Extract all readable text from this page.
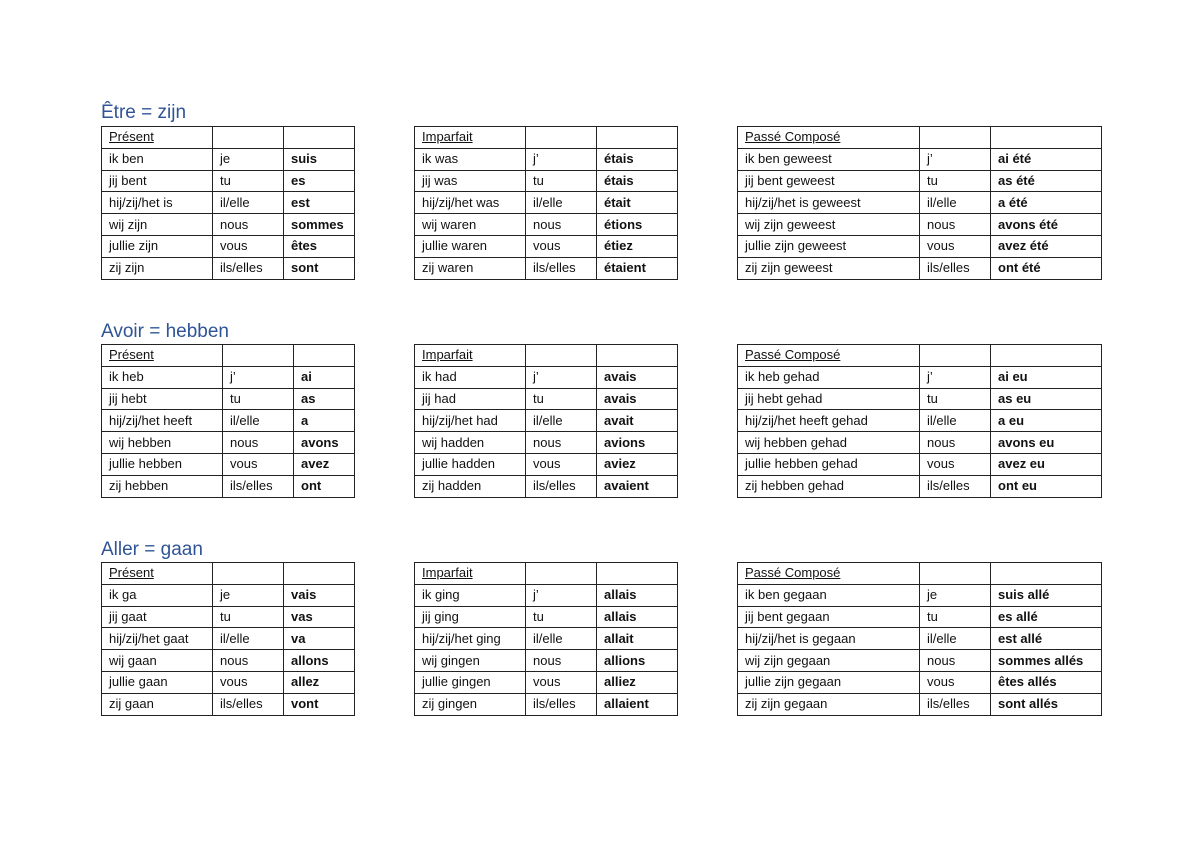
Être = zijn
Présent		
ik ben	je	suis
jij bent	tu	es
hij/zij/het is	il/elle	est
wij zijn	nous	sommes
jullie zijn	vous	êtes
zij zijn	ils/elles	sont
Imparfait		
ik was	j’	étais
jij was	tu	étais
hij/zij/het was	il/elle	était
wij waren	nous	étions
jullie waren	vous	étiez
zij waren	ils/elles	étaient
Passé Composé		
ik ben geweest	j’	ai été
jij bent geweest	tu	as été
hij/zij/het is geweest	il/elle	a été
wij zijn geweest	nous	avons été
jullie zijn geweest	vous	avez été
zij zijn geweest	ils/elles	ont été
Avoir = hebben
Présent		
ik heb	j’	ai
jij hebt	tu	as
hij/zij/het heeft	il/elle	a
wij hebben	nous	avons
jullie hebben	vous	avez
zij hebben	ils/elles	ont
Imparfait		
ik had	j’	avais
jij had	tu	avais
hij/zij/het had	il/elle	avait
wij hadden	nous	avions
jullie hadden	vous	aviez
zij hadden	ils/elles	avaient
Passé Composé		
ik heb gehad	j’	ai eu
jij hebt gehad	tu	as eu
hij/zij/het heeft gehad	il/elle	a eu
wij hebben gehad	nous	avons eu
jullie hebben gehad	vous	avez eu
zij hebben gehad	ils/elles	ont eu
Aller = gaan
Présent		
ik ga	je	vais
jij gaat	tu	vas
hij/zij/het gaat	il/elle	va
wij gaan	nous	allons
jullie gaan	vous	allez
zij gaan	ils/elles	vont
Imparfait		
ik ging	j’	allais
jij ging	tu	allais
hij/zij/het ging	il/elle	allait
wij gingen	nous	allions
jullie gingen	vous	alliez
zij gingen	ils/elles	allaient
Passé Composé		
ik ben gegaan	je	suis allé
jij bent gegaan	tu	es allé
hij/zij/het is gegaan	il/elle	est allé
wij zijn gegaan	nous	sommes allés
jullie zijn gegaan	vous	êtes allés
zij zijn gegaan	ils/elles	sont allés
